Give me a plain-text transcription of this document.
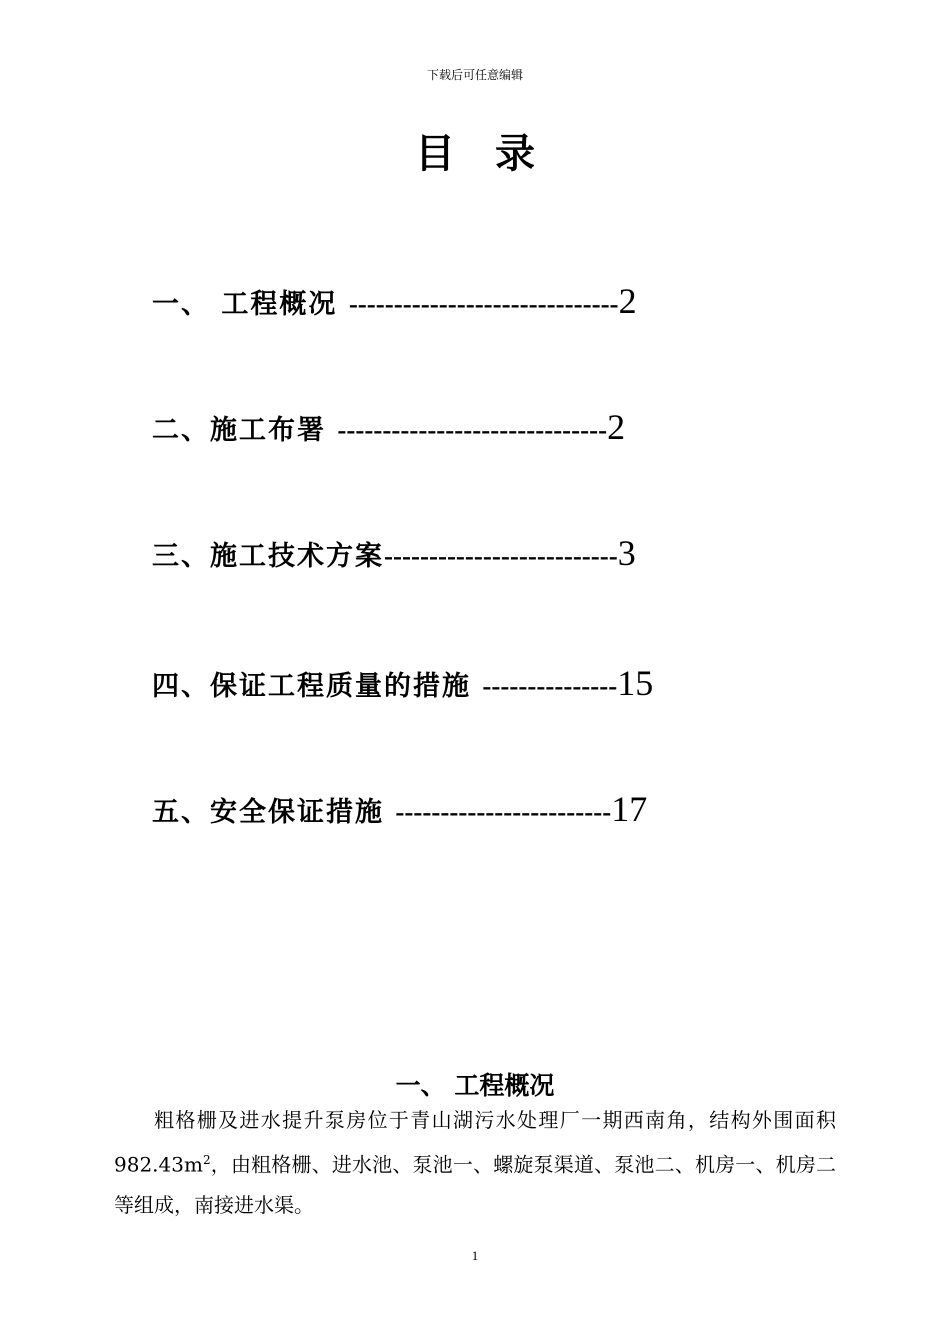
下载后可任意编辑
目录
一、 工程概况 ------------------------------2
二、施工布署 ------------------------------2
三、施工技术方案--------------------------3
四、保证工程质量的措施 ---------------15
五、安全保证措施 ------------------------17
一、 工程概况
粗格栅及进水提升泵房位于青山湖污水处理厂一期西南角，结构外围面积 $982.43m^2$，由粗格栅、进水池、泵池一、螺旋泵渠道、泵池二、机房一、机房二等组成，南接进水渠。
1
